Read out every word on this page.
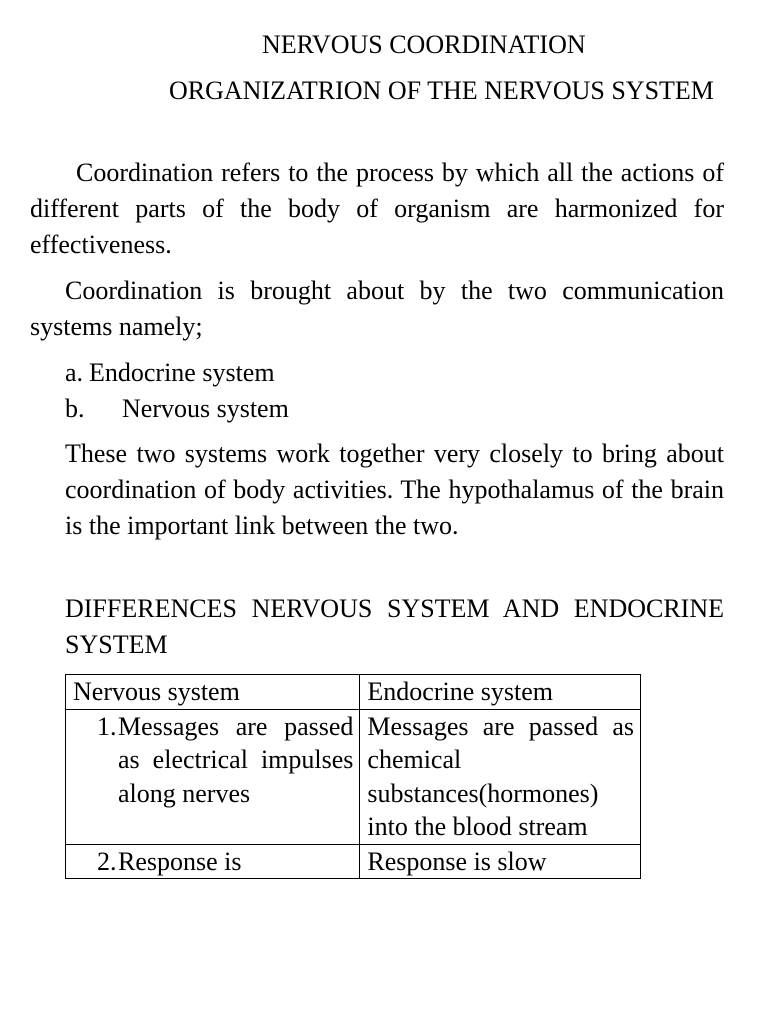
NERVOUS COORDINATION
ORGANIZATRION OF THE NERVOUS SYSTEM

Coordination refers to the process by which all the actions of different parts of the body of organism are harmonized for effectiveness.

Coordination is brought about by the two communication systems namely;

a. Endocrine system
b. Nervous system

These two systems work together very closely to bring about coordination of body activities. The hypothalamus of the brain is the important link between the two.

DIFFERENCES NERVOUS SYSTEM AND ENDOCRINE SYSTEM
Nervous system	Endocrine system

1. Messages are passed as electrical impulses along nerves	Messages are passed as chemical substances(hormones) into the blood stream

2. Response is	Response is slow
